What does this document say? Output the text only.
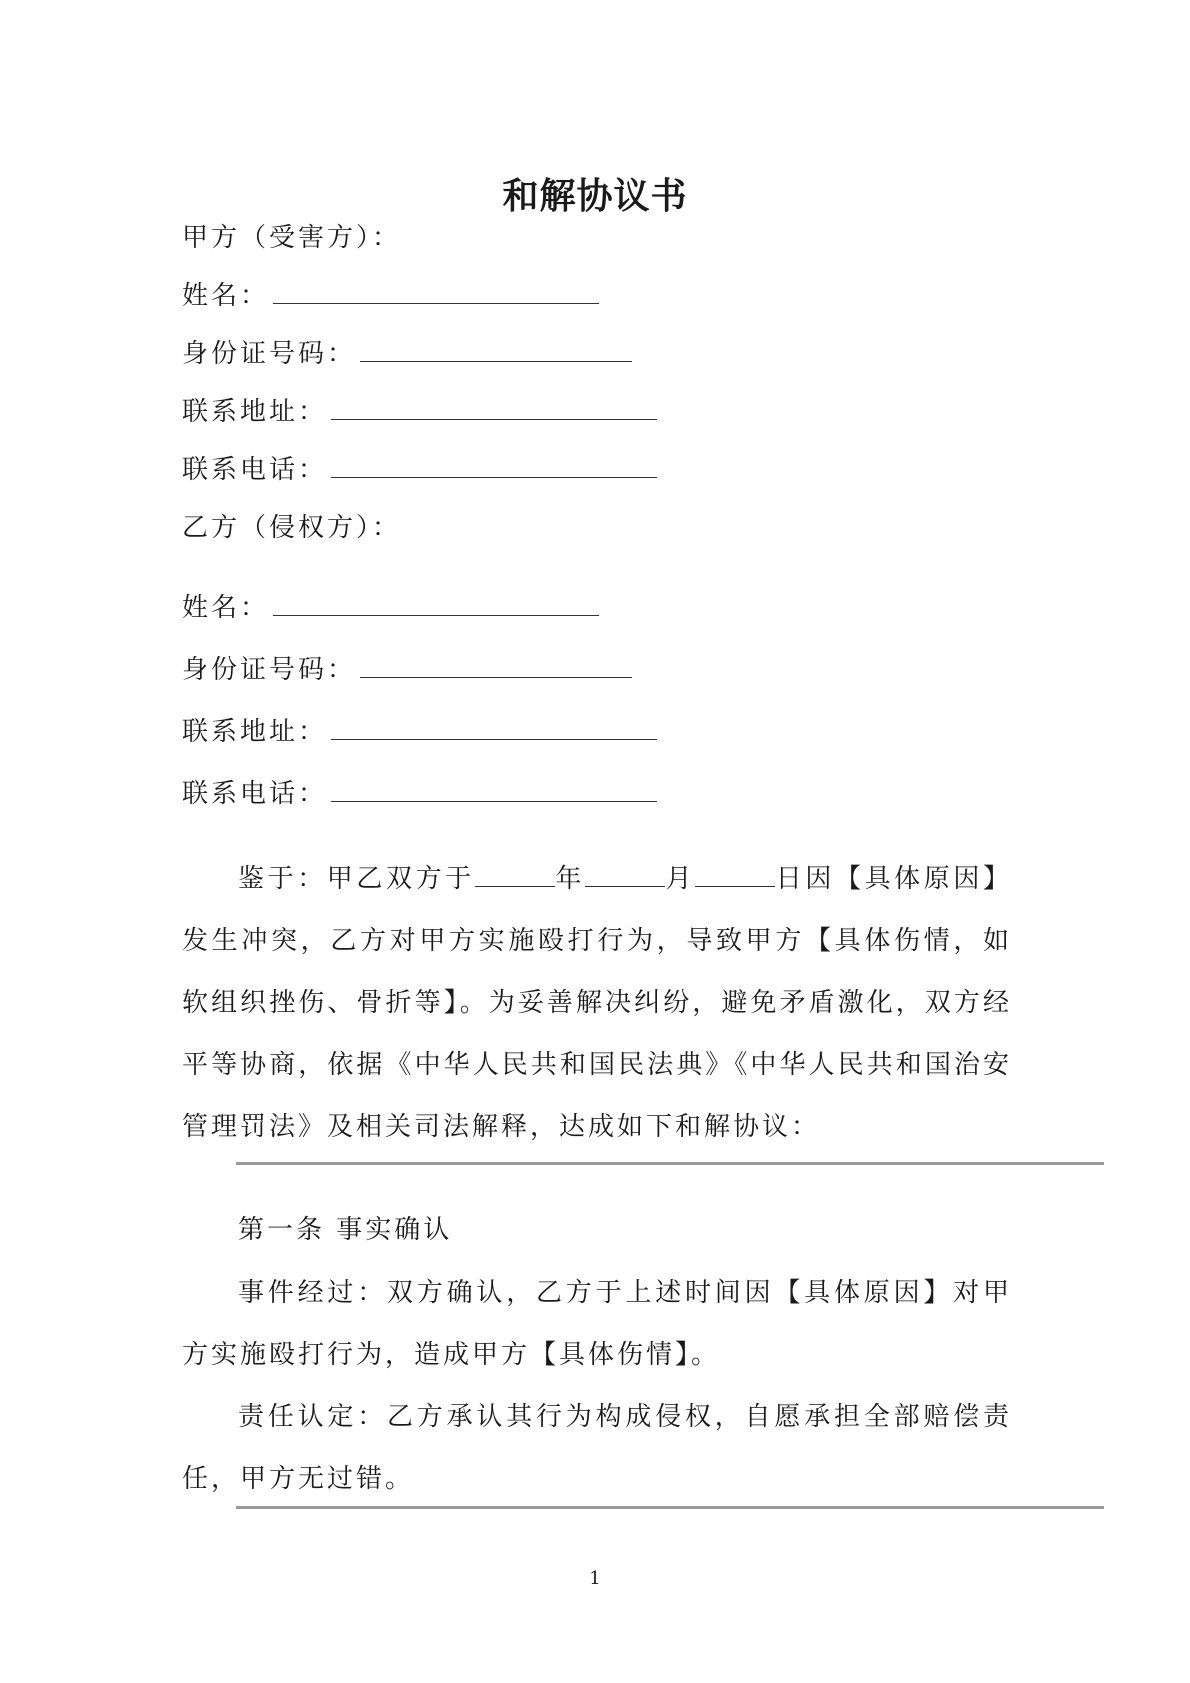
和解协议书
甲方（受害方）：
姓名：
身份证号码：
联系地址：
联系电话：
乙方（侵权方）：
姓名：
身份证号码：
联系地址：
联系电话：
鉴于：甲乙双方于	年	月	日因【具体原因】发生冲突，乙方对甲方实施殴打行为，导致甲方【具体伤情，如软组织挫伤、骨折等】。为妥善解决纠纷，避免矛盾激化，双方经平等协商，依据《中华人民共和国民法典》《中华人民共和国治安管理罚法》及相关司法解释，达成如下和解协议：
第一条 事实确认
事件经过：双方确认，乙方于上述时间因【具体原因】对甲方实施殴打行为，造成甲方【具体伤情】。
责任认定：乙方承认其行为构成侵权，自愿承担全部赔偿责任，甲方无过错。
1
